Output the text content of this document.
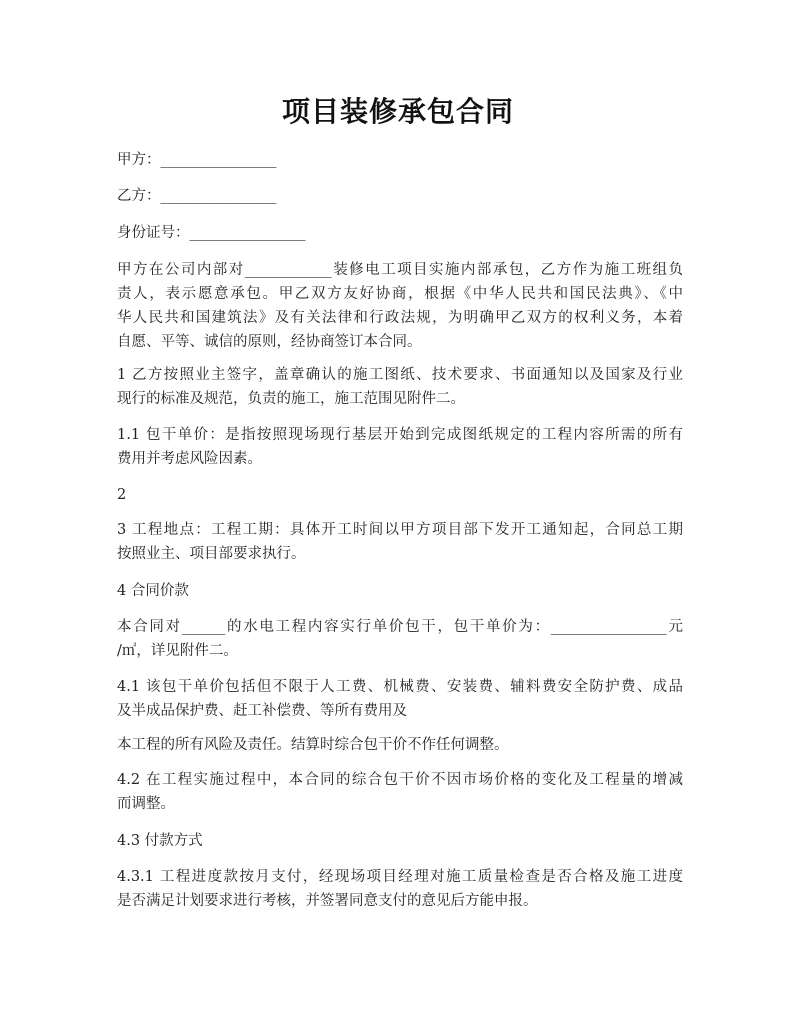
项目装修承包合同
甲方：________________
乙方：________________
身份证号：________________
甲方在公司内部对____________装修电工项目实施内部承包，乙方作为施工班组负
责人，表示愿意承包。甲乙双方友好协商，根据《中华人民共和国民法典》、《中
华人民共和国建筑法》及有关法律和行政法规，为明确甲乙双方的权利义务，本着
自愿、平等、诚信的原则，经协商签订本合同。
1 乙方按照业主签字，盖章确认的施工图纸、技术要求、书面通知以及国家及行业
现行的标准及规范，负责的施工，施工范围见附件二。
1.1 包干单价：是指按照现场现行基层开始到完成图纸规定的工程内容所需的所有
费用并考虑风险因素。
2
3 工程地点：工程工期：具体开工时间以甲方项目部下发开工通知起，合同总工期
按照业主、项目部要求执行。
4 合同价款
本合同对______的水电工程内容实行单价包干，包干单价为：________________元
/㎡，详见附件二。
4.1 该包干单价包括但不限于人工费、机械费、安装费、辅料费安全防护费、成品
及半成品保护费、赶工补偿费、等所有费用及
本工程的所有风险及责任。结算时综合包干价不作任何调整。
4.2 在工程实施过程中，本合同的综合包干价不因市场价格的变化及工程量的增减
而调整。
4.3 付款方式
4.3.1 工程进度款按月支付，经现场项目经理对施工质量检查是否合格及施工进度
是否满足计划要求进行考核，并签署同意支付的意见后方能申报。
